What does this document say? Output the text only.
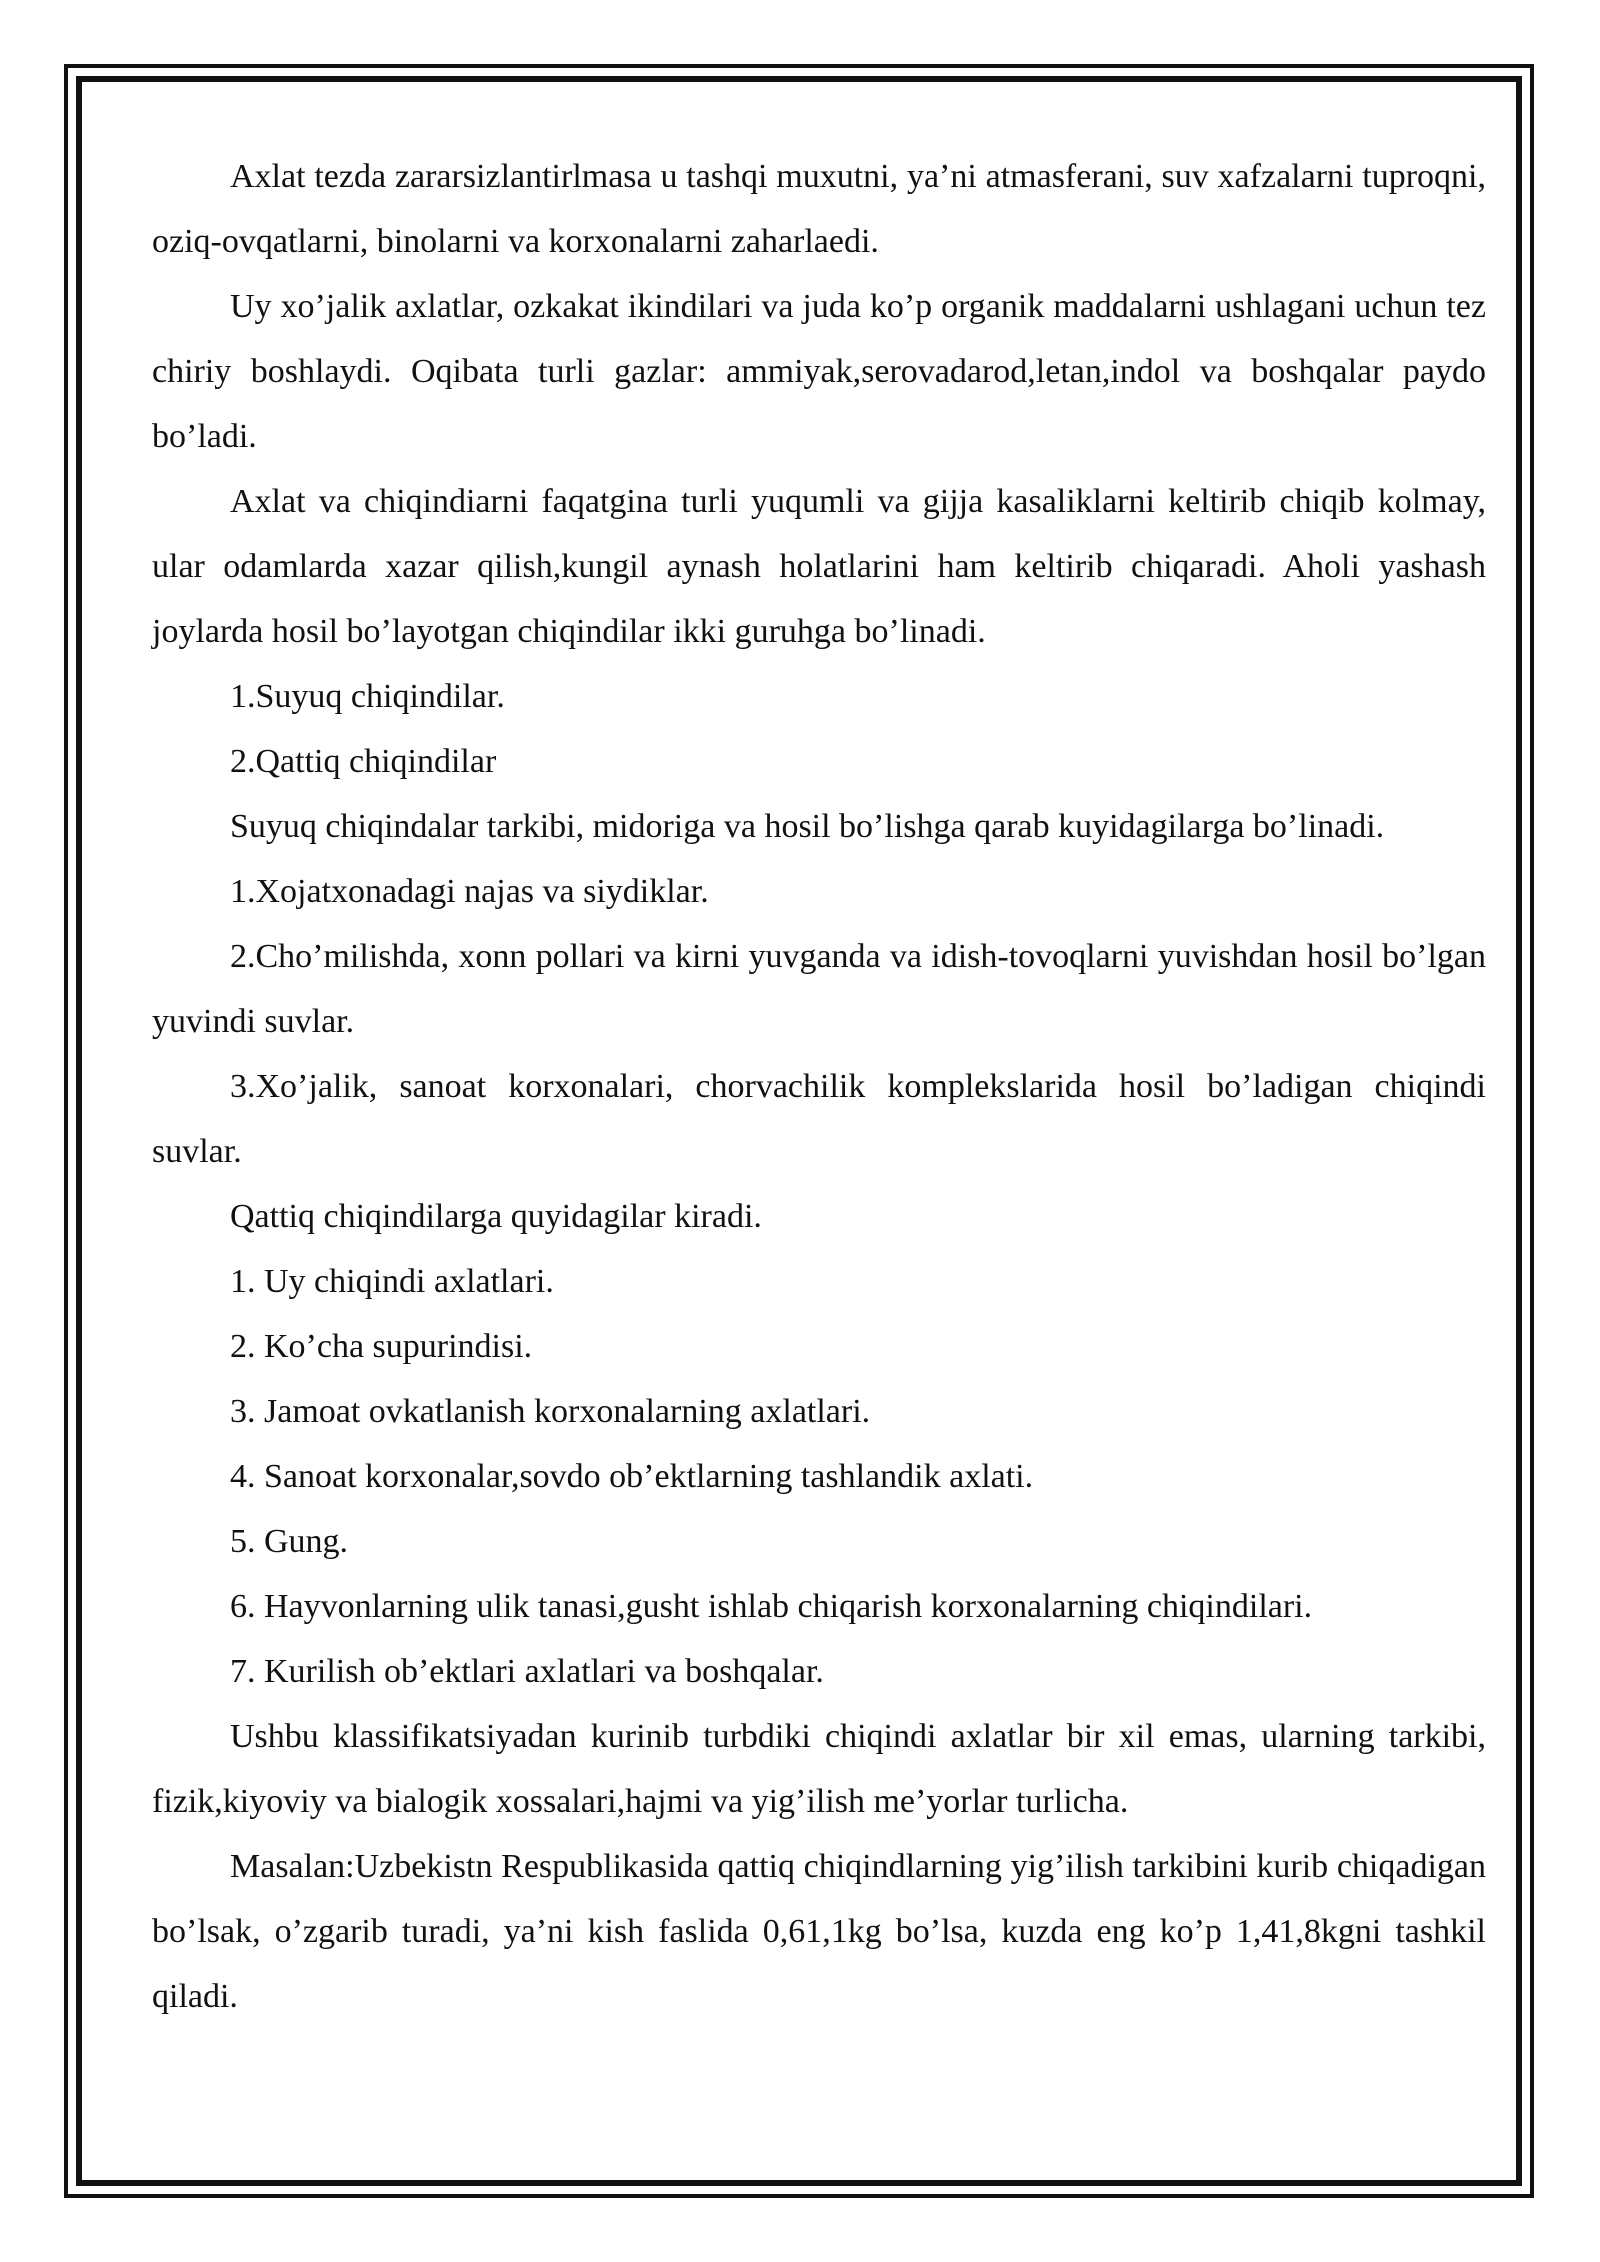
Axlat tezda zararsizlantirlmasa u tashqi muxutni, ya’ni atmasferani, suv xafzalarni tuproqni, oziq-ovqatlarni, binolarni va korxonalarni zaharlaedi.

Uy xo’jalik axlatlar, ozkakat ikindilari va juda ko’p organik maddalarni ushlagani uchun tez chiriy boshlaydi. Oqibata turli gazlar: ammiyak,serovadarod,letan,indol va boshqalar paydo bo’ladi.

Axlat va chiqindiarni faqatgina turli yuqumli va gijja kasaliklarni keltirib chiqib kolmay, ular odamlarda xazar qilish,kungil aynash holatlarini ham keltirib chiqaradi. Aholi yashash joylarda hosil bo’layotgan chiqindilar ikki guruhga bo’linadi.

1.Suyuq chiqindilar.

2.Qattiq chiqindilar

Suyuq chiqindalar tarkibi, midoriga va hosil bo’lishga qarab kuyidagilarga bo’linadi.

1.Xojatxonadagi najas va siydiklar.

2.Cho’milishda, xonn pollari va kirni yuvganda va idish-tovoqlarni yuvishdan hosil bo’lgan yuvindi suvlar.

3.Xo’jalik, sanoat korxonalari, chorvachilik komplekslarida hosil bo’ladigan chiqindi suvlar.

Qattiq chiqindilarga quyidagilar kiradi.

1. Uy chiqindi axlatlari.

2. Ko’cha supurindisi.

3. Jamoat ovkatlanish korxonalarning axlatlari.

4. Sanoat korxonalar,sovdo ob’ektlarning tashlandik axlati.

5. Gung.

6. Hayvonlarning ulik tanasi,gusht ishlab chiqarish korxonalarning chiqindilari.

7. Kurilish ob’ektlari axlatlari va boshqalar.

Ushbu klassifikatsiyadan kurinib turbdiki chiqindi axlatlar bir xil emas, ularning tarkibi, fizik,kiyoviy va bialogik xossalari,hajmi va yig’ilish me’yorlar turlicha.

Masalan:Uzbekistn Respublikasida qattiq chiqindlarning yig’ilish tarkibini kurib chiqadigan bo’lsak, o’zgarib turadi, ya’ni kish faslida 0,61,1kg bo’lsa, kuzda eng ko’p 1,41,8kgni tashkil qiladi.
